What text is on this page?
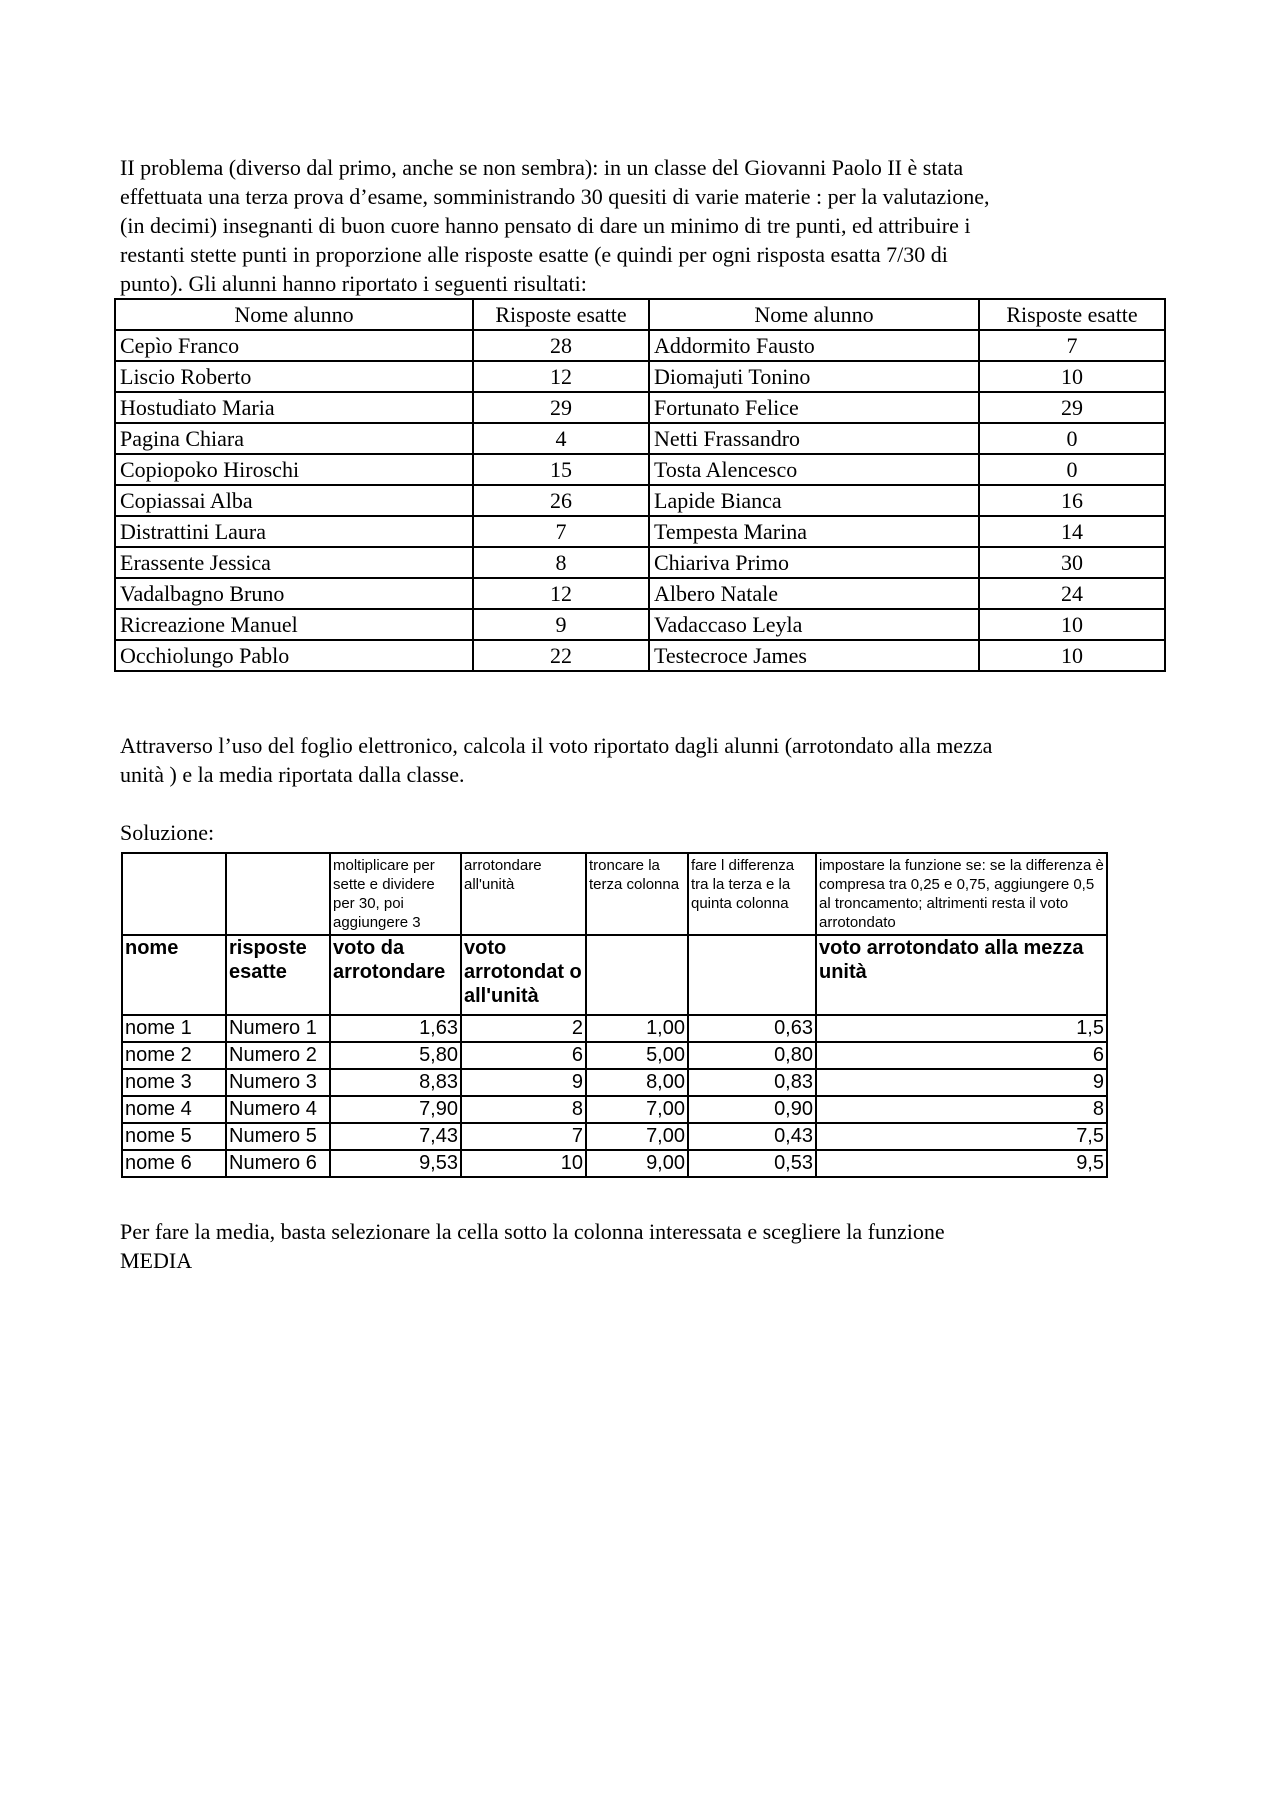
II problema (diverso dal primo, anche se non sembra): in un classe del Giovanni Paolo II è stata
effettuata una terza prova d’esame, somministrando 30 quesiti di varie materie : per la valutazione,
(in decimi) insegnanti di buon cuore hanno pensato di dare un minimo di tre punti, ed attribuire i
restanti stette punti in proporzione alle risposte esatte (e quindi per ogni risposta esatta 7/30 di
punto). Gli alunni hanno riportato i seguenti risultati:

Nome alunno	Risposte esatte	Nome alunno	Risposte esatte
Cepìo Franco	28	Addormito Fausto	7
Liscio Roberto	12	Diomajuti Tonino	10
Hostudiato Maria	29	Fortunato Felice	29
Pagina Chiara	4	Netti Frassandro	0
Copiopoko Hiroschi	15	Tosta Alencesco	0
Copiassai Alba	26	Lapide Bianca	16
Distrattini Laura	7	Tempesta Marina	14
Erassente Jessica	8	Chiariva Primo	30
Vadalbagno Bruno	12	Albero Natale	24
Ricreazione Manuel	9	Vadaccaso Leyla	10
Occhiolungo Pablo	22	Testecroce James	10

Attraverso l’uso del foglio elettronico, calcola il voto riportato dagli alunni (arrotondato alla mezza
unità ) e la media riportata dalla classe.

Soluzione:

		moltiplicare per sette e dividere per 30, poi aggiungere 3	arrotondare all'unità	troncare la terza colonna	fare l differenza tra la terza e la quinta colonna	impostare la funzione se: se la differenza è compresa tra 0,25 e 0,75, aggiungere 0,5 al troncamento; altrimenti resta il voto arrotondato
nome	risposte esatte	voto da arrotondare	voto arrotondat o all'unità			voto arrotondato alla mezza unità
nome 1	Numero 1	1,63	2	1,00	0,63	1,5
nome 2	Numero 2	5,80	6	5,00	0,80	6
nome 3	Numero 3	8,83	9	8,00	0,83	9
nome 4	Numero 4	7,90	8	7,00	0,90	8
nome 5	Numero 5	7,43	7	7,00	0,43	7,5
nome 6	Numero 6	9,53	10	9,00	0,53	9,5

Per fare la media, basta selezionare la cella sotto la colonna interessata e scegliere la funzione
MEDIA
